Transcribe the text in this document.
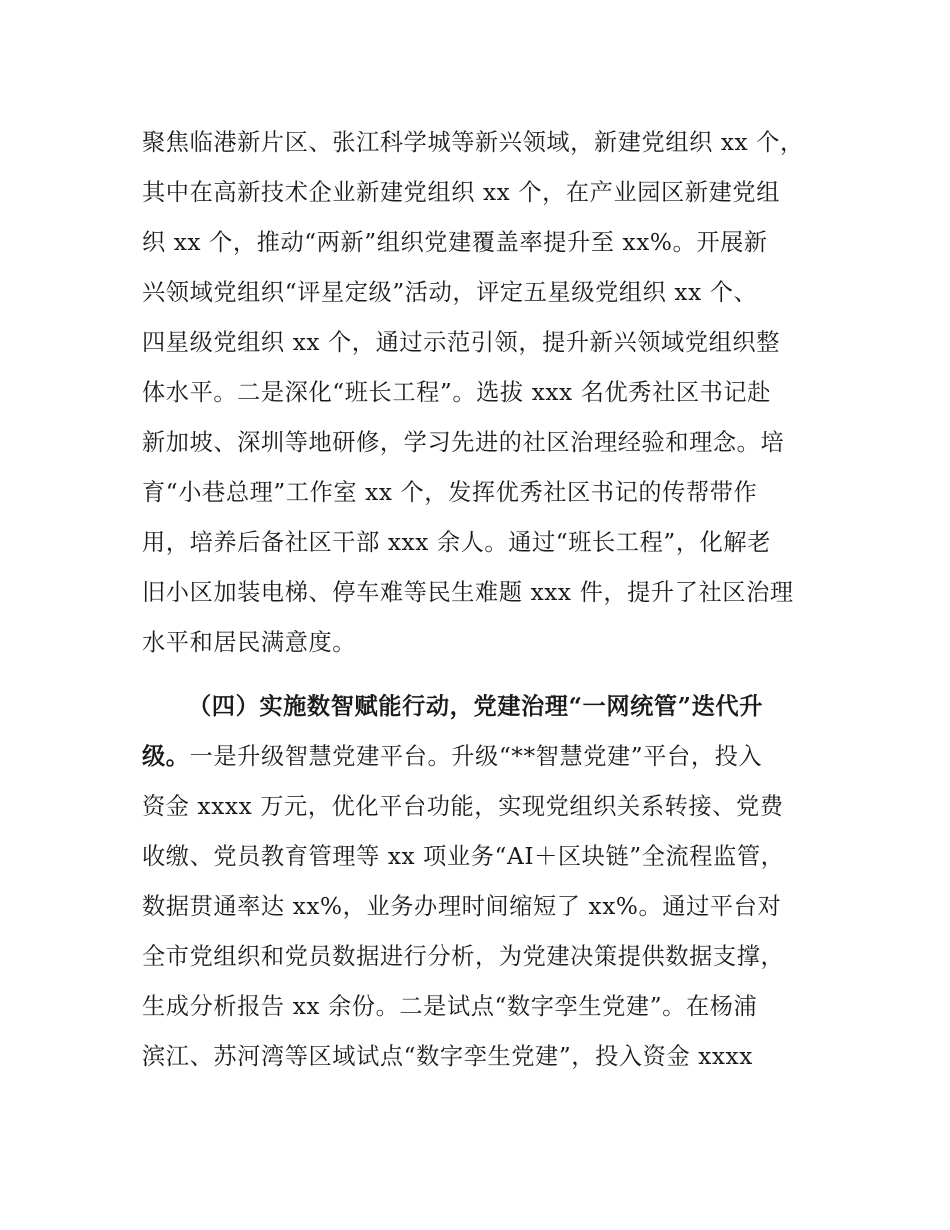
聚焦临港新片区、张江科学城等新兴领域，新建党组织 xx 个，
其中在高新技术企业新建党组织 xx 个，在产业园区新建党组
织 xx 个，推动“两新”组织党建覆盖率提升至 xx%。开展新
兴领域党组织“评星定级”活动，评定五星级党组织 xx 个、
四星级党组织 xx 个，通过示范引领，提升新兴领域党组织整
体水平。二是深化“班长工程”。选拔 xxx 名优秀社区书记赴
新加坡、深圳等地研修，学习先进的社区治理经验和理念。培
育“小巷总理”工作室 xx 个，发挥优秀社区书记的传帮带作
用，培养后备社区干部 xxx 余人。通过“班长工程”，化解老
旧小区加装电梯、停车难等民生难题 xxx 件，提升了社区治理
水平和居民满意度。
（四）实施数智赋能行动，党建治理“一网统管”迭代升
级。一是升级智慧党建平台。升级“**智慧党建”平台，投入
资金 xxxx 万元，优化平台功能，实现党组织关系转接、党费
收缴、党员教育管理等 xx 项业务“AI＋区块链”全流程监管，
数据贯通率达 xx%，业务办理时间缩短了 xx%。通过平台对
全市党组织和党员数据进行分析，为党建决策提供数据支撑，
生成分析报告 xx 余份。二是试点“数字孪生党建”。在杨浦
滨江、苏河湾等区域试点“数字孪生党建”，投入资金 xxxx
